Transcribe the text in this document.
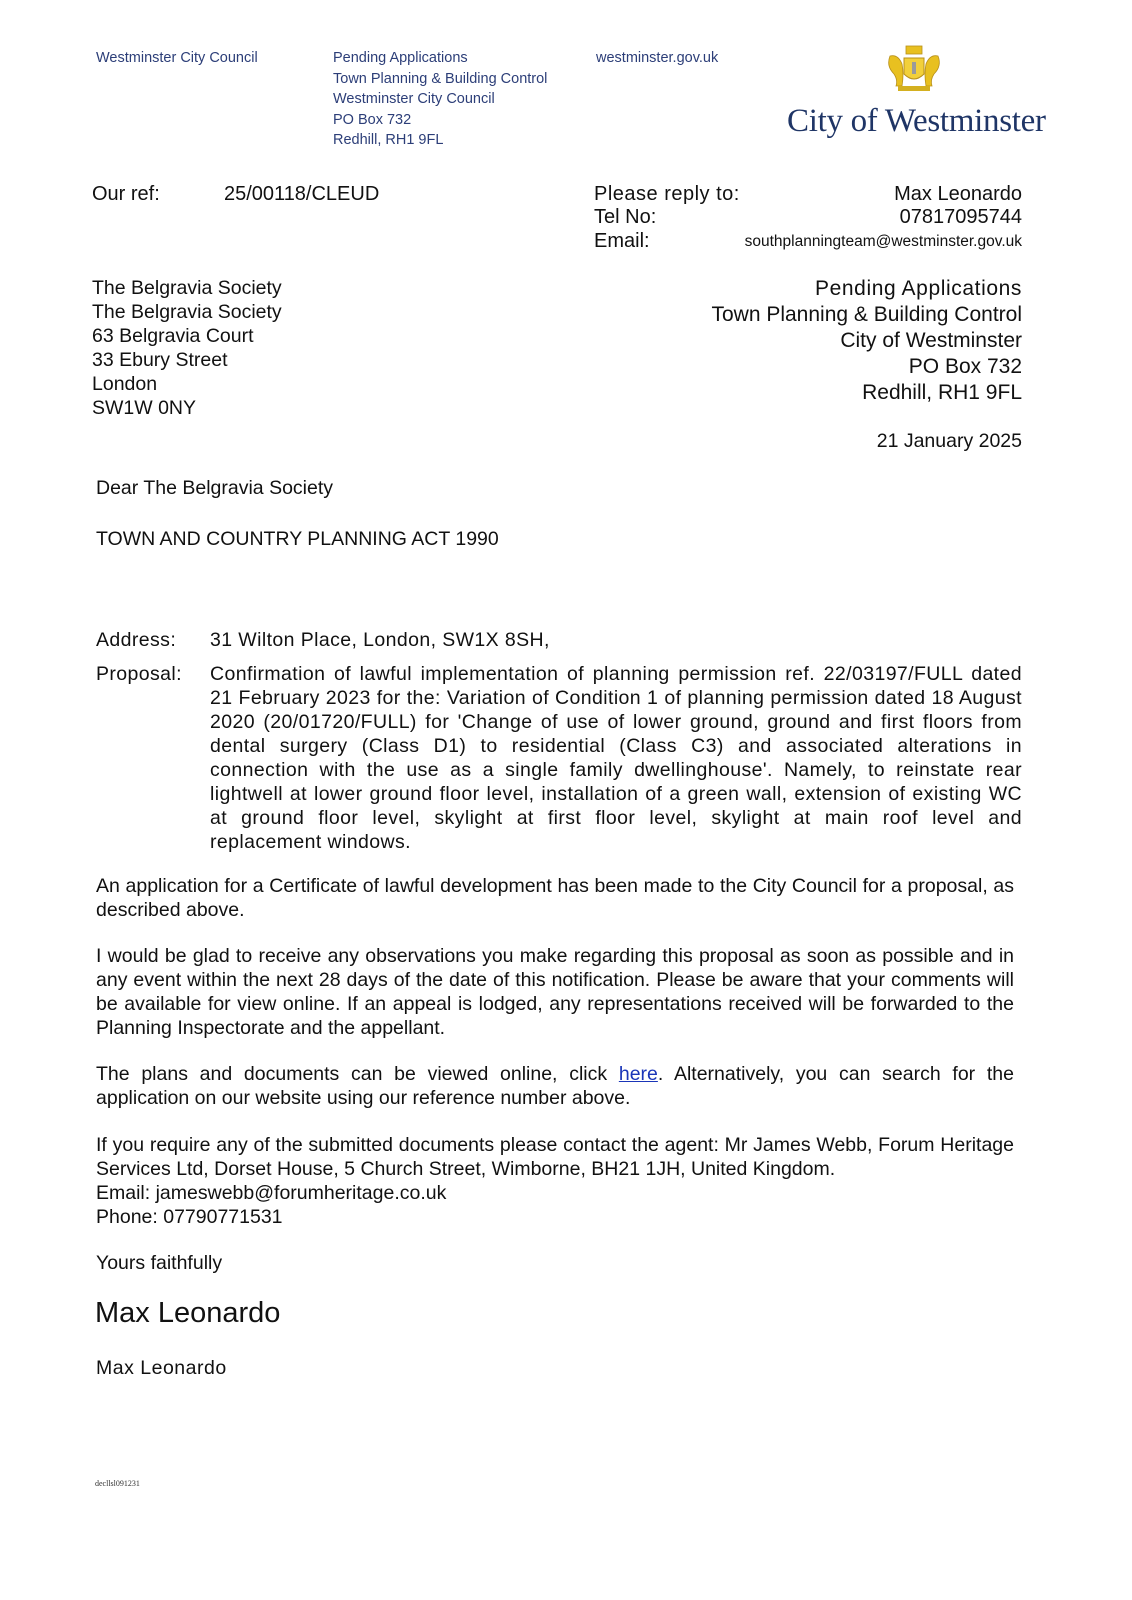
Westminster City Council	Pending Applications
Town Planning & Building Control
Westminster City Council
PO Box 732
Redhill, RH1 9FL
westminster.gov.uk
City of Westminster
Our ref:	25/00118/CLEUD	Please reply to:	Max Leonardo
Tel No:	07817095744
Email:	southplanningteam@westminster.gov.uk
The Belgravia Society
The Belgravia Society
63 Belgravia Court
33 Ebury Street
London
SW1W 0NY
Pending Applications
Town Planning & Building Control
City of Westminster
PO Box 732
Redhill, RH1 9FL
21 January 2025
Dear The Belgravia Society
TOWN AND COUNTRY PLANNING ACT 1990
Address: 31 Wilton Place, London, SW1X 8SH,
Proposal: Confirmation of lawful implementation of planning permission ref. 22/03197/FULL dated 21 February 2023 for the: Variation of Condition 1 of planning permission dated 18 August 2020 (20/01720/FULL) for 'Change of use of lower ground, ground and first floors from dental surgery (Class D1) to residential (Class C3) and associated alterations in connection with the use as a single family dwellinghouse'. Namely, to reinstate rear lightwell at lower ground floor level, installation of a green wall, extension of existing WC at ground floor level, skylight at first floor level, skylight at main roof level and replacement windows.
An application for a Certificate of lawful development has been made to the City Council for a proposal, as described above.
I would be glad to receive any observations you make regarding this proposal as soon as possible and in any event within the next 28 days of the date of this notification. Please be aware that your comments will be available for view online. If an appeal is lodged, any representations received will be forwarded to the Planning Inspectorate and the appellant.
The plans and documents can be viewed online, click here. Alternatively, you can search for the application on our website using our reference number above.
If you require any of the submitted documents please contact the agent: Mr James Webb, Forum Heritage Services Ltd, Dorset House, 5 Church Street, Wimborne, BH21 1JH, United Kingdom.
Email: jameswebb@forumheritage.co.uk
Phone: 07790771531
Yours faithfully
Max Leonardo
Max Leonardo
decllsl091231
